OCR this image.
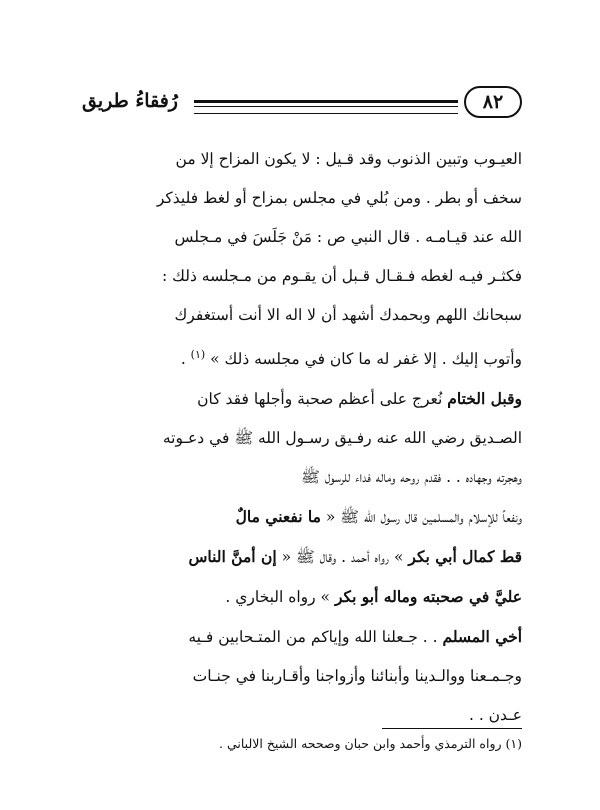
رُفقاءُ طريق	٨٢

العيـوب وتبين الذنوب وقد قـيل : لا يكون المزاح إلا من

سخف أو بطر . ومن بُلي في مجلس بمزاح أو لغط فليذكر

الله عند قيـامـه . قال النبي ص : مَنْ جَلَسَ في مـجلس

فكثـر فيـه لغطه فـقـال قـبل أن يقـوم من مـجلسه ذلك :

سبحانك اللهم وبحمدك أشهد أن لا اله الا أنت أستغفرك

وأتوب إليك . إلا غفر له ما كان في مجلسه ذلك » $^{(١)}$ .

وقبل الختام نُعرج على أعظم صحبة وأجلها فقد كان

الصـديق رضي الله عنه رفـيق رسـول الله ﷺ في دعـوته

وهجرته وجهاده . . فقدم روحه وماله فداء للرسول ﷺ

ونفعاً للإسلام والمسلمين قال رسول الله ﷺ « ما نفعني مالٌ

قط كمال أبي بكر » رواه أحمد . وقال ﷺ « إن أمنَّ الناس

عليَّ في صحبته وماله أبو بكر » رواه البخاري .

أخي المسلم . . جـعلنا الله وإياكم من المتـحابين فـيه

وجـمـعنا ووالـدينا وأبنائنا وأزواجنا وأقـاربنا في جنـات

عـدن . .

(١) رواه الترمذي وأحمد وابن حبان وصححه الشيخ الالباني .
